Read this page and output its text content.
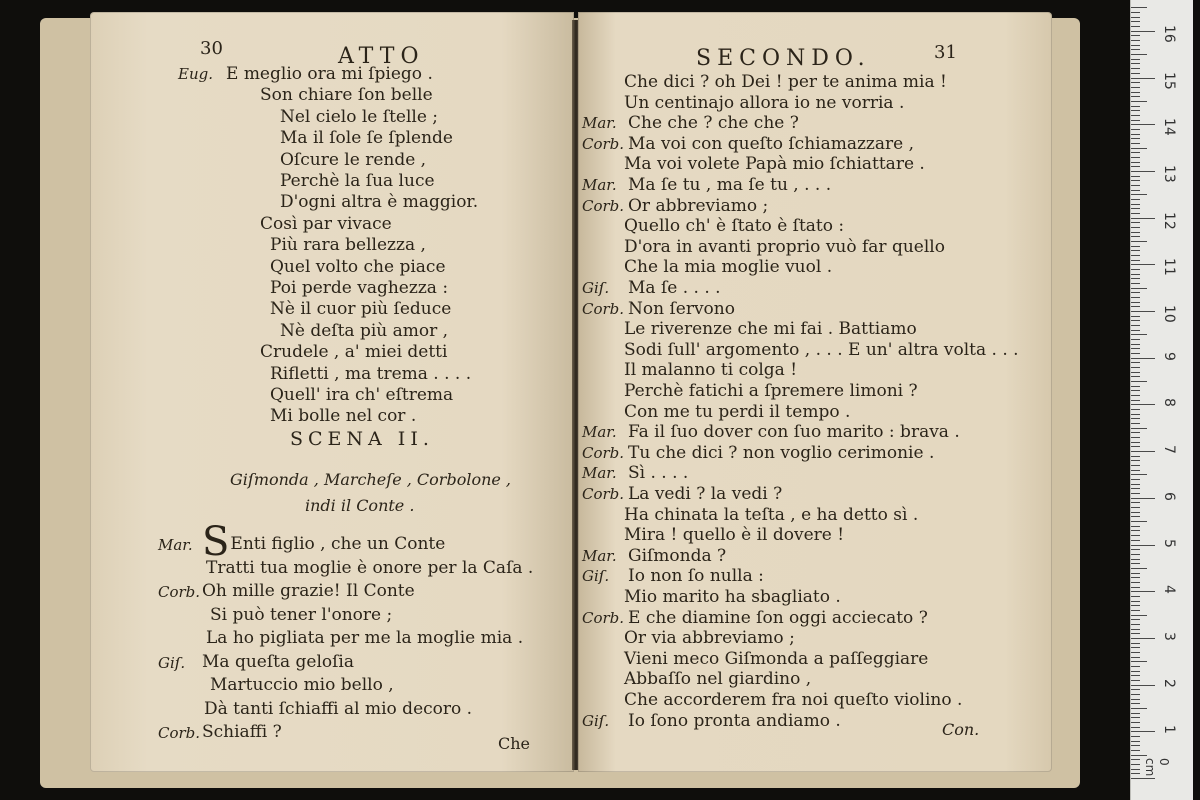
30	ATTO
Eug. E meglio ora mi ſpiego .
Son chiare ſon belle
Nel cielo le ſtelle ;
Ma il ſole ſe ſplende
Oſcure le rende ,
Perchè la ſua luce
D'ogni altra è maggior.
Così par vivace
Più rara bellezza ,
Quel volto che piace
Poi perde vaghezza :
Nè il cuor più ſeduce
Nè deſta più amor ,
Crudele , a' miei detti
Rifletti , ma trema . . . .
Quell' ira ch' eſtrema
Mi bolle nel cor .
SCENA II.
Giſmonda , Marcheſe , Corbolone ,
indi il Conte .
Mar. SEnti figlio , che un Conte
Tratti tua moglie è onore per la Caſa .
Corb. Oh mille grazie! Il Conte
Si può tener l'onore ;
La ho pigliata per me la moglie mia .
Giſ. Ma queſta geloſia
Martuccio mio bello ,
Dà tanti ſchiaffi al mio decoro .
Corb. Schiaffi ?
Che
SECONDO.	31
Che dici ? oh Dei ! per te anima mia !
Un centinajo allora io ne vorria .
Mar. Che che ? che che ?
Corb. Ma voi con queſto ſchiamazzare ,
Ma voi volete Papà mio ſchiattare .
Mar. Ma ſe tu , ma ſe tu , . . .
Corb. Or abbreviamo ;
Quello ch' è ſtato è ſtato :
D'ora in avanti proprio vuò far quello
Che la mia moglie vuol .
Giſ. Ma ſe . . . .
Corb. Non ſervono
Le riverenze che mi fai . Battiamo
Sodi ſull' argomento , . . . E un' altra volta . . .
Il malanno ti colga !
Perchè fatichi a ſpremere limoni ?
Con me tu perdi il tempo .
Mar. Fa il ſuo dover con ſuo marito : brava .
Corb. Tu che dici ? non voglio cerimonie .
Mar. Sì . . . .
Corb. La vedi ? la vedi ?
Ha chinata la teſta , e ha detto sì .
Mira ! quello è il dovere !
Mar. Giſmonda ?
Giſ. Io non ſo nulla :
Mio marito ha sbagliato .
Corb. E che diamine ſon oggi acciecato ?
Or via abbreviamo ;
Vieni meco Giſmonda a paſſeggiare
Abbaſſo nel giardino ,
Che accorderem fra noi queſto violino .
Giſ. Io ſono pronta andiamo .	Con.
0 cm
1
2
3
4
5
6
7
8
9
10
11
12
13
14
15
16
